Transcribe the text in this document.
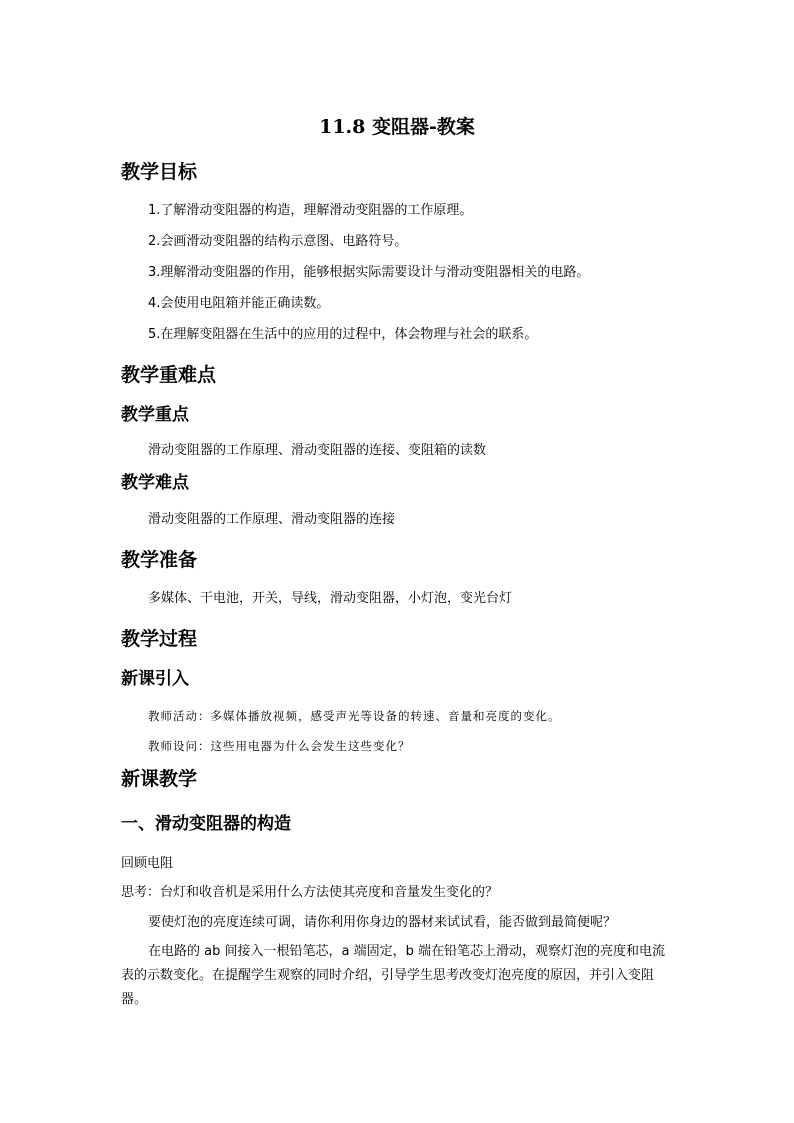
11.8 变阻器-教案
教学目标
1.了解滑动变阻器的构造，理解滑动变阻器的工作原理。
2.会画滑动变阻器的结构示意图、电路符号。
3.理解滑动变阻器的作用，能够根据实际需要设计与滑动变阻器相关的电路。
4.会使用电阻箱并能正确读数。
5.在理解变阻器在生活中的应用的过程中，体会物理与社会的联系。
教学重难点
教学重点
滑动变阻器的工作原理、滑动变阻器的连接、变阻箱的读数
教学难点
滑动变阻器的工作原理、滑动变阻器的连接
教学准备
多媒体、干电池，开关，导线，滑动变阻器，小灯泡，变光台灯
教学过程
新课引入
教师活动：多媒体播放视频，感受声光等设备的转速、音量和亮度的变化。
教师设问：这些用电器为什么会发生这些变化？
新课教学
一、滑动变阻器的构造
回顾电阻
思考：台灯和收音机是采用什么方法使其亮度和音量发生变化的？
要使灯泡的亮度连续可调，请你利用你身边的器材来试试看，能否做到最简便呢？
在电路的 ab 间接入一根铅笔芯，a 端固定，b 端在铅笔芯上滑动，观察灯泡的亮度和电流表的示数变化。在提醒学生观察的同时介绍，引导学生思考改变灯泡亮度的原因，并引入变阻器。
